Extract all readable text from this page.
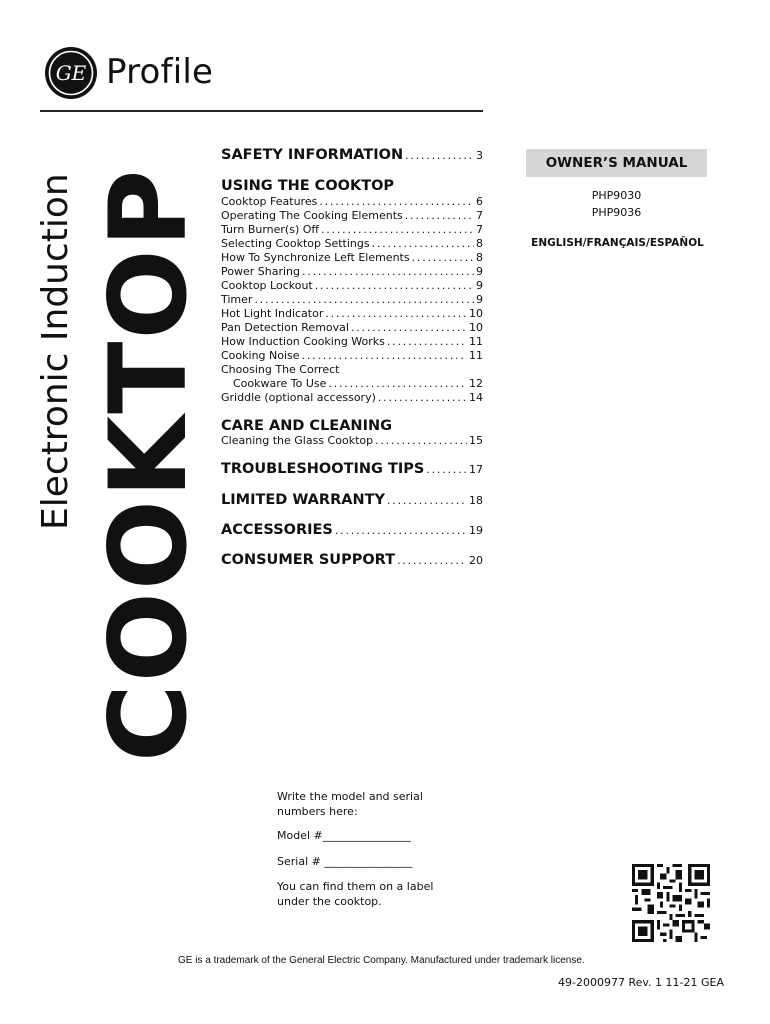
GE Profile
Electronic Induction COOKTOP
SAFETY INFORMATION .....	3
USING THE COOKTOP
Cooktop Features .....	6
Operating The Cooking Elements .....	7
Turn Burner(s) Off .....	7
Selecting Cooktop Settings .....	8
How To Synchronize Left Elements .....	8
Power Sharing .....	9
Cooktop Lockout .....	9
Timer .....	9
Hot Light Indicator .....	10
Pan Detection Removal .....	10
How Induction Cooking Works .....	11
Cooking Noise .....	11
Choosing The Correct
Cookware To Use .....	12
Griddle (optional accessory) .....	14
CARE AND CLEANING
Cleaning the Glass Cooktop .....	15
TROUBLESHOOTING TIPS .....	17
LIMITED WARRANTY .....	18
ACCESSORIES .....	19
CONSUMER SUPPORT .....	20
OWNER’S MANUAL
PHP9030
PHP9036
ENGLISH/FRANÇAIS/ESPAÑOL
Write the model and serial
numbers here:
Model #________________
Serial # ________________
You can find them on a label
under the cooktop.
GE is a trademark of the General Electric Company. Manufactured under trademark license.
49-2000977 Rev. 1 11-21 GEA
